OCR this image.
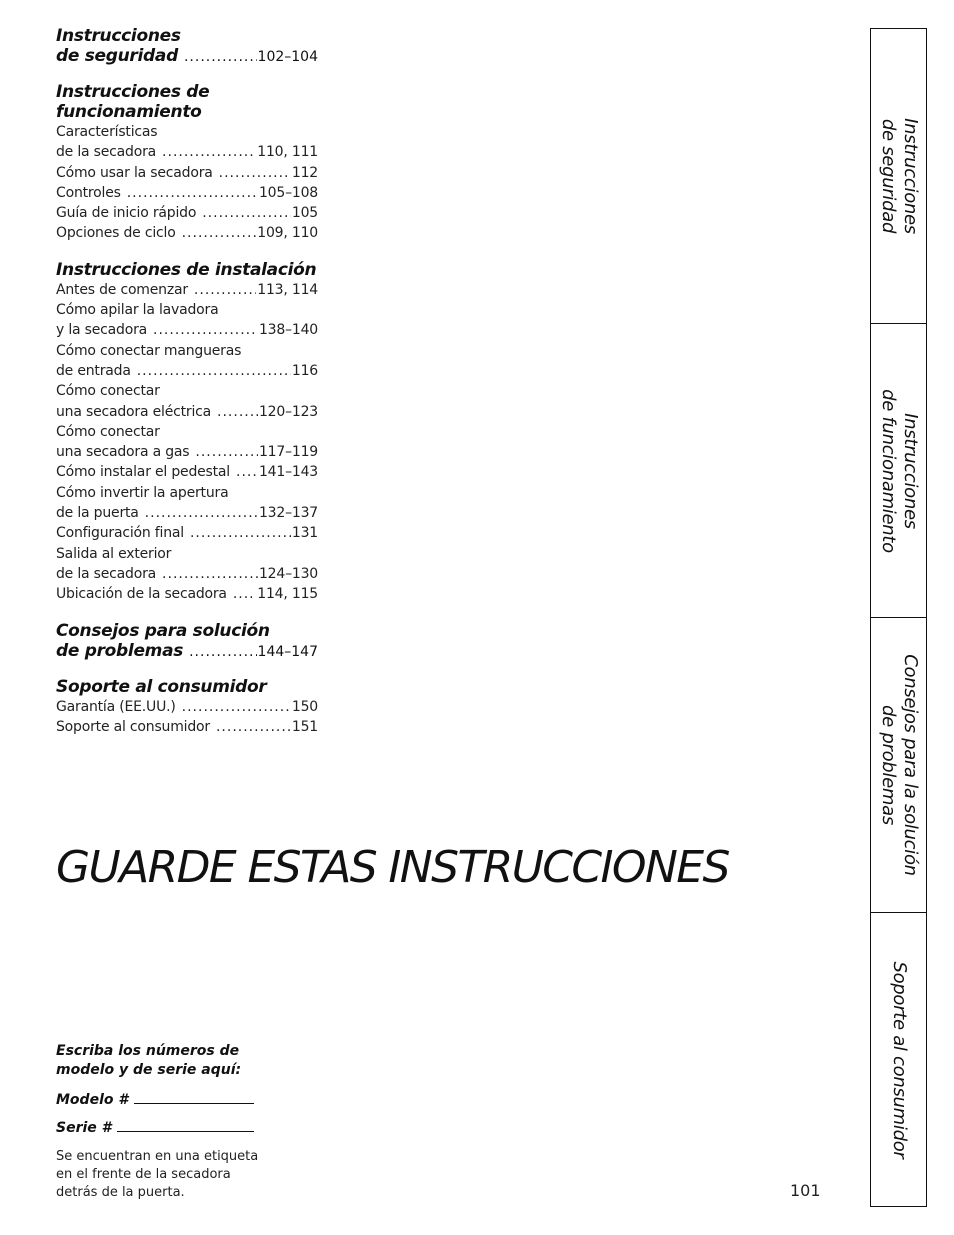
Instrucciones
de seguridad .....	102–104
Instrucciones de funcionamiento
Características
de la secadora .....	110, 111
Cómo usar la secadora .....	112
Controles .....	105–108
Guía de inicio rápido .....	105
Opciones de ciclo .....	109, 110
Instrucciones de instalación
Antes de comenzar .....	113, 114
Cómo apilar la lavadora
y la secadora .....	138–140
Cómo conectar mangueras
de entrada .....	116
Cómo conectar
una secadora eléctrica .....	120–123
Cómo conectar
una secadora a gas .....	117–119
Cómo instalar el pedestal ..... 141–143
Cómo invertir la apertura
de la puerta .....	132–137
Configuración final .....	131
Salida al exterior
de la secadora .....	124–130
Ubicación de la secadora ..... 114, 115
Consejos para solución
de problemas .....	144–147
Soporte al consumidor
Garantía (EE.UU.) .....	150
Soporte al consumidor .....	151
GUARDE ESTAS INSTRUCCIONES
Escriba los números de
modelo y de serie aquí:
Modelo #
Serie #
Se encuentran en una etiqueta
en el frente de la secadora
detrás de la puerta.	101
Instrucciones
de seguridad
Instrucciones
de funcionamiento
Consejos para la solución
de problemas
Soporte al consumidor
